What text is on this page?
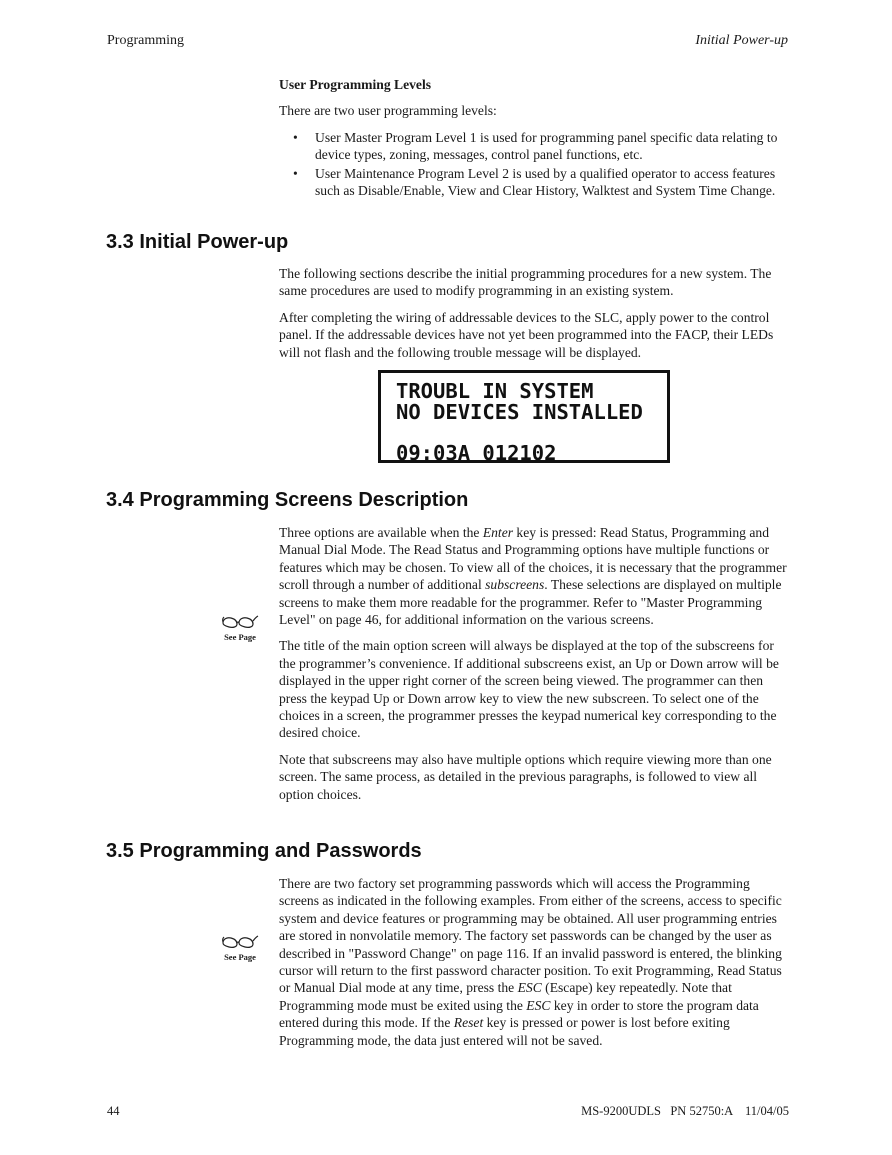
Programming	Initial Power-up

User Programming Levels

There are two user programming levels:

• User Master Program Level 1 is used for programming panel specific data relating to device types, zoning, messages, control panel functions, etc.
• User Maintenance Program Level 2 is used by a qualified operator to access features such as Disable/Enable, View and Clear History, Walktest and System Time Change.
3.3 Initial Power-up

The following sections describe the initial programming procedures for a new system. The same procedures are used to modify programming in an existing system.

After completing the wiring of addressable devices to the SLC, apply power to the control panel. If the addressable devices have not yet been programmed into the FACP, their LEDs will not flash and the following trouble message will be displayed.

TROUBL IN SYSTEM
NO DEVICES INSTALLED
09:03A 012102
3.4 Programming Screens Description

Three options are available when the Enter key is pressed: Read Status, Programming and Manual Dial Mode. The Read Status and Programming options have multiple functions or features which may be chosen. To view all of the choices, it is necessary that the programmer scroll through a number of additional subscreens. These selections are displayed on multiple screens to make them more readable for the programmer. Refer to "Master Programming Level" on page 46, for additional information on the various screens.

The title of the main option screen will always be displayed at the top of the subscreens for the programmer’s convenience. If additional subscreens exist, an Up or Down arrow will be displayed in the upper right corner of the screen being viewed. The programmer can then press the keypad Up or Down arrow key to view the new subscreen. To select one of the choices in a screen, the programmer presses the keypad numerical key corresponding to the desired choice.

Note that subscreens may also have multiple options which require viewing more than one screen. The same process, as detailed in the previous paragraphs, is followed to view all option choices.

See Page
3.5 Programming and Passwords

There are two factory set programming passwords which will access the Programming screens as indicated in the following examples. From either of the screens, access to specific system and device features or programming may be obtained. All user programming entries are stored in nonvolatile memory. The factory set passwords can be changed by the user as described in "Password Change" on page 116. If an invalid password is entered, the blinking cursor will return to the first password character position. To exit Programming, Read Status or Manual Dial mode at any time, press the ESC (Escape) key repeatedly. Note that Programming mode must be exited using the ESC key in order to store the program data entered during this mode. If the Reset key is pressed or power is lost before exiting Programming mode, the data just entered will not be saved.

See Page
44	MS-9200UDLS   PN 52750:A    11/04/05
